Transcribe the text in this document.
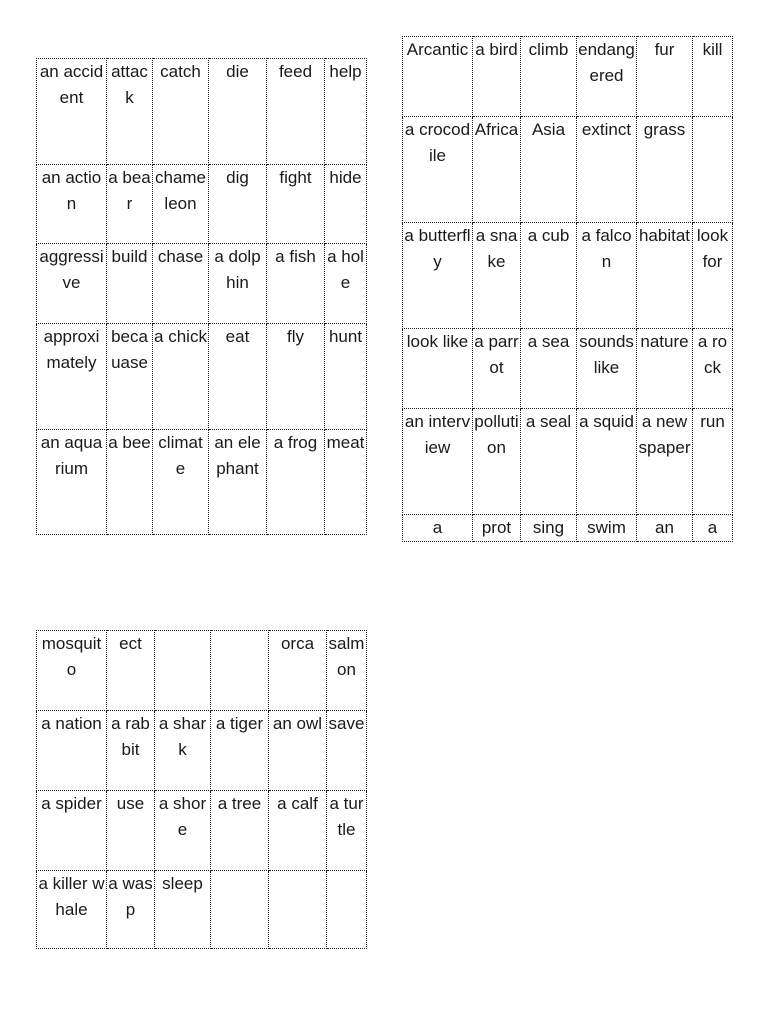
an accident	attack	catch	die	feed	help
an action	a bear	chameleon	dig	fight	hide
aggressive	build	chase	a dolphin	a fish	a hole
approximately	becauase	a chick	eat	fly	hunt
an aquarium	a bee	climate	an elephant	a frog	meat
Arcantic	a bird	climb	endangered	fur	kill
a crocodile	Africa	Asia	extinct	grass	
a butterfly	a snake	a cub	a falcon	habitat	look for
look like	a parrot	a sea	sounds like	nature	a rock
an interview	pollution	a seal	a squid	a newspaper	run
a	prot	sing	swim	an	a
mosquito	ect			orca	salmon
a nation	a rabbit	a shark	a tiger	an owl	save
a spider	use	a shore	a tree	a calf	a turtle
a killer whale	a wasp	sleep			
